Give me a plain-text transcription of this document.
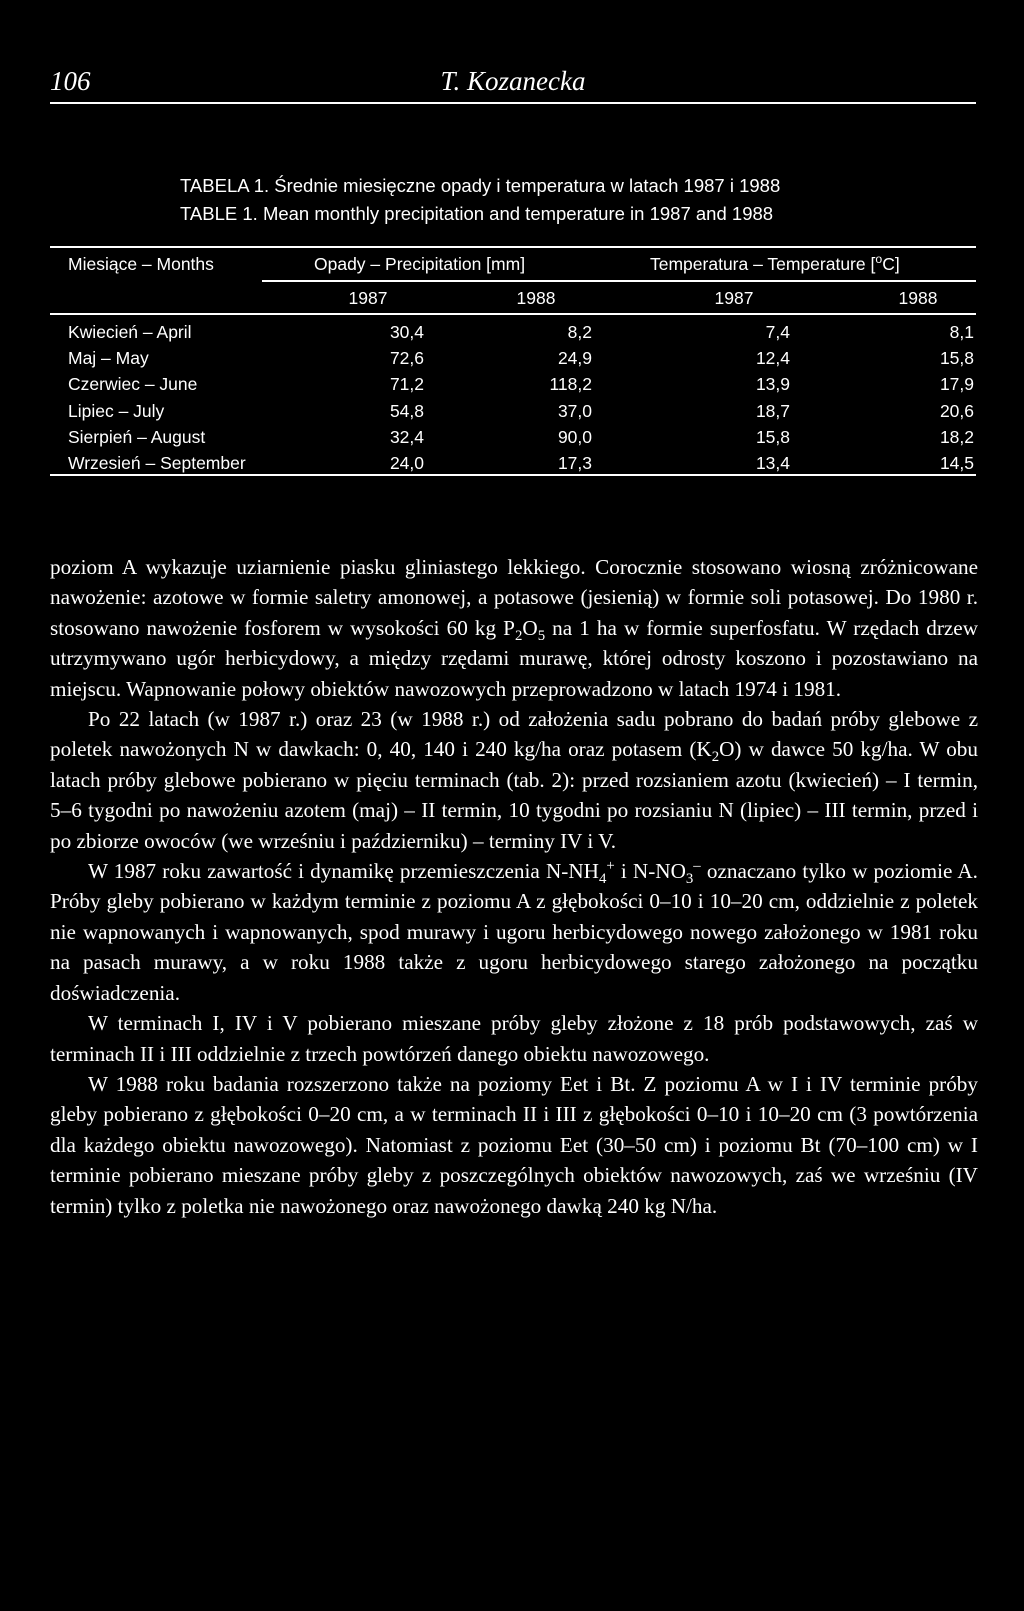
106	T. Kozanecka
TABELA 1. Średnie miesięczne opady i temperatura w latach 1987 i 1988
TABLE 1. Mean monthly precipitation and temperature in 1987 and 1988
Miesiące – Months	Opady – Precipitation [mm]	Temperatura – Temperature [$^o$C]
1987	1988	1987	1988
Kwiecień – April	30,4	8,2	7,4	8,1
Maj – May	72,6	24,9	12,4	15,8
Czerwiec – June	71,2	118,2	13,9	17,9
Lipiec – July	54,8	37,0	18,7	20,6
Sierpień – August	32,4	90,0	15,8	18,2
Wrzesień – September	24,0	17,3	13,4	14,5

poziom A wykazuje uziarnienie piasku gliniastego lekkiego. Corocznie stosowano wiosną zróżnicowane nawożenie: azotowe w formie saletry amonowej, a potasowe (jesienią) w formie soli potasowej. Do 1980 r. stosowano nawożenie fosforem w wysokości 60 kg $P_2O_5$ na 1 ha w formie superfosfatu. W rzędach drzew utrzymywano ugór herbicydowy, a między rzędami murawę, której odrosty koszono i pozostawiano na miejscu. Wapnowanie połowy obiektów nawozowych przeprowadzono w latach 1974 i 1981.

Po 22 latach (w 1987 r.) oraz 23 (w 1988 r.) od założenia sadu pobrano do badań próby glebowe z poletek nawożonych N w dawkach: 0, 40, 140 i 240 kg/ha oraz potasem $(K_2O)$ w dawce 50 kg/ha. W obu latach próby glebowe pobierano w pięciu terminach (tab. 2): przed rozsianiem azotu (kwiecień) – I termin, 5–6 tygodni po nawożeniu azotem (maj) – II termin, 10 tygodni po rozsianiu N (lipiec) – III termin, przed i po zbiorze owoców (we wrześniu i październiku) – terminy IV i V.

W 1987 roku zawartość i dynamikę przemieszczenia $N-NH_4^+$ i $N-NO_3^-$ oznaczano tylko w poziomie A. Próby gleby pobierano w każdym terminie z poziomu A z głębokości 0–10 i 10–20 cm, oddzielnie z poletek nie wapnowanych i wapnowanych, spod murawy i ugoru herbicydowego nowego założonego w 1981 roku na pasach murawy, a w roku 1988 także z ugoru herbicydowego starego założonego na początku doświadczenia.

W terminach I, IV i V pobierano mieszane próby gleby złożone z 18 prób podstawowych, zaś w terminach II i III oddzielnie z trzech powtórzeń danego obiektu nawozowego.

W 1988 roku badania rozszerzono także na poziomy Eet i Bt. Z poziomu A w I i IV terminie próby gleby pobierano z głębokości 0–20 cm, a w terminach II i III z głębokości 0–10 i 10–20 cm (3 powtórzenia dla każdego obiektu nawozowego). Natomiast z poziomu Eet (30–50 cm) i poziomu Bt (70–100 cm) w I terminie pobierano mieszane próby gleby z poszczególnych obiektów nawozowych, zaś we wrześniu (IV termin) tylko z poletka nie nawożonego oraz nawożonego dawką 240 kg N/ha.
